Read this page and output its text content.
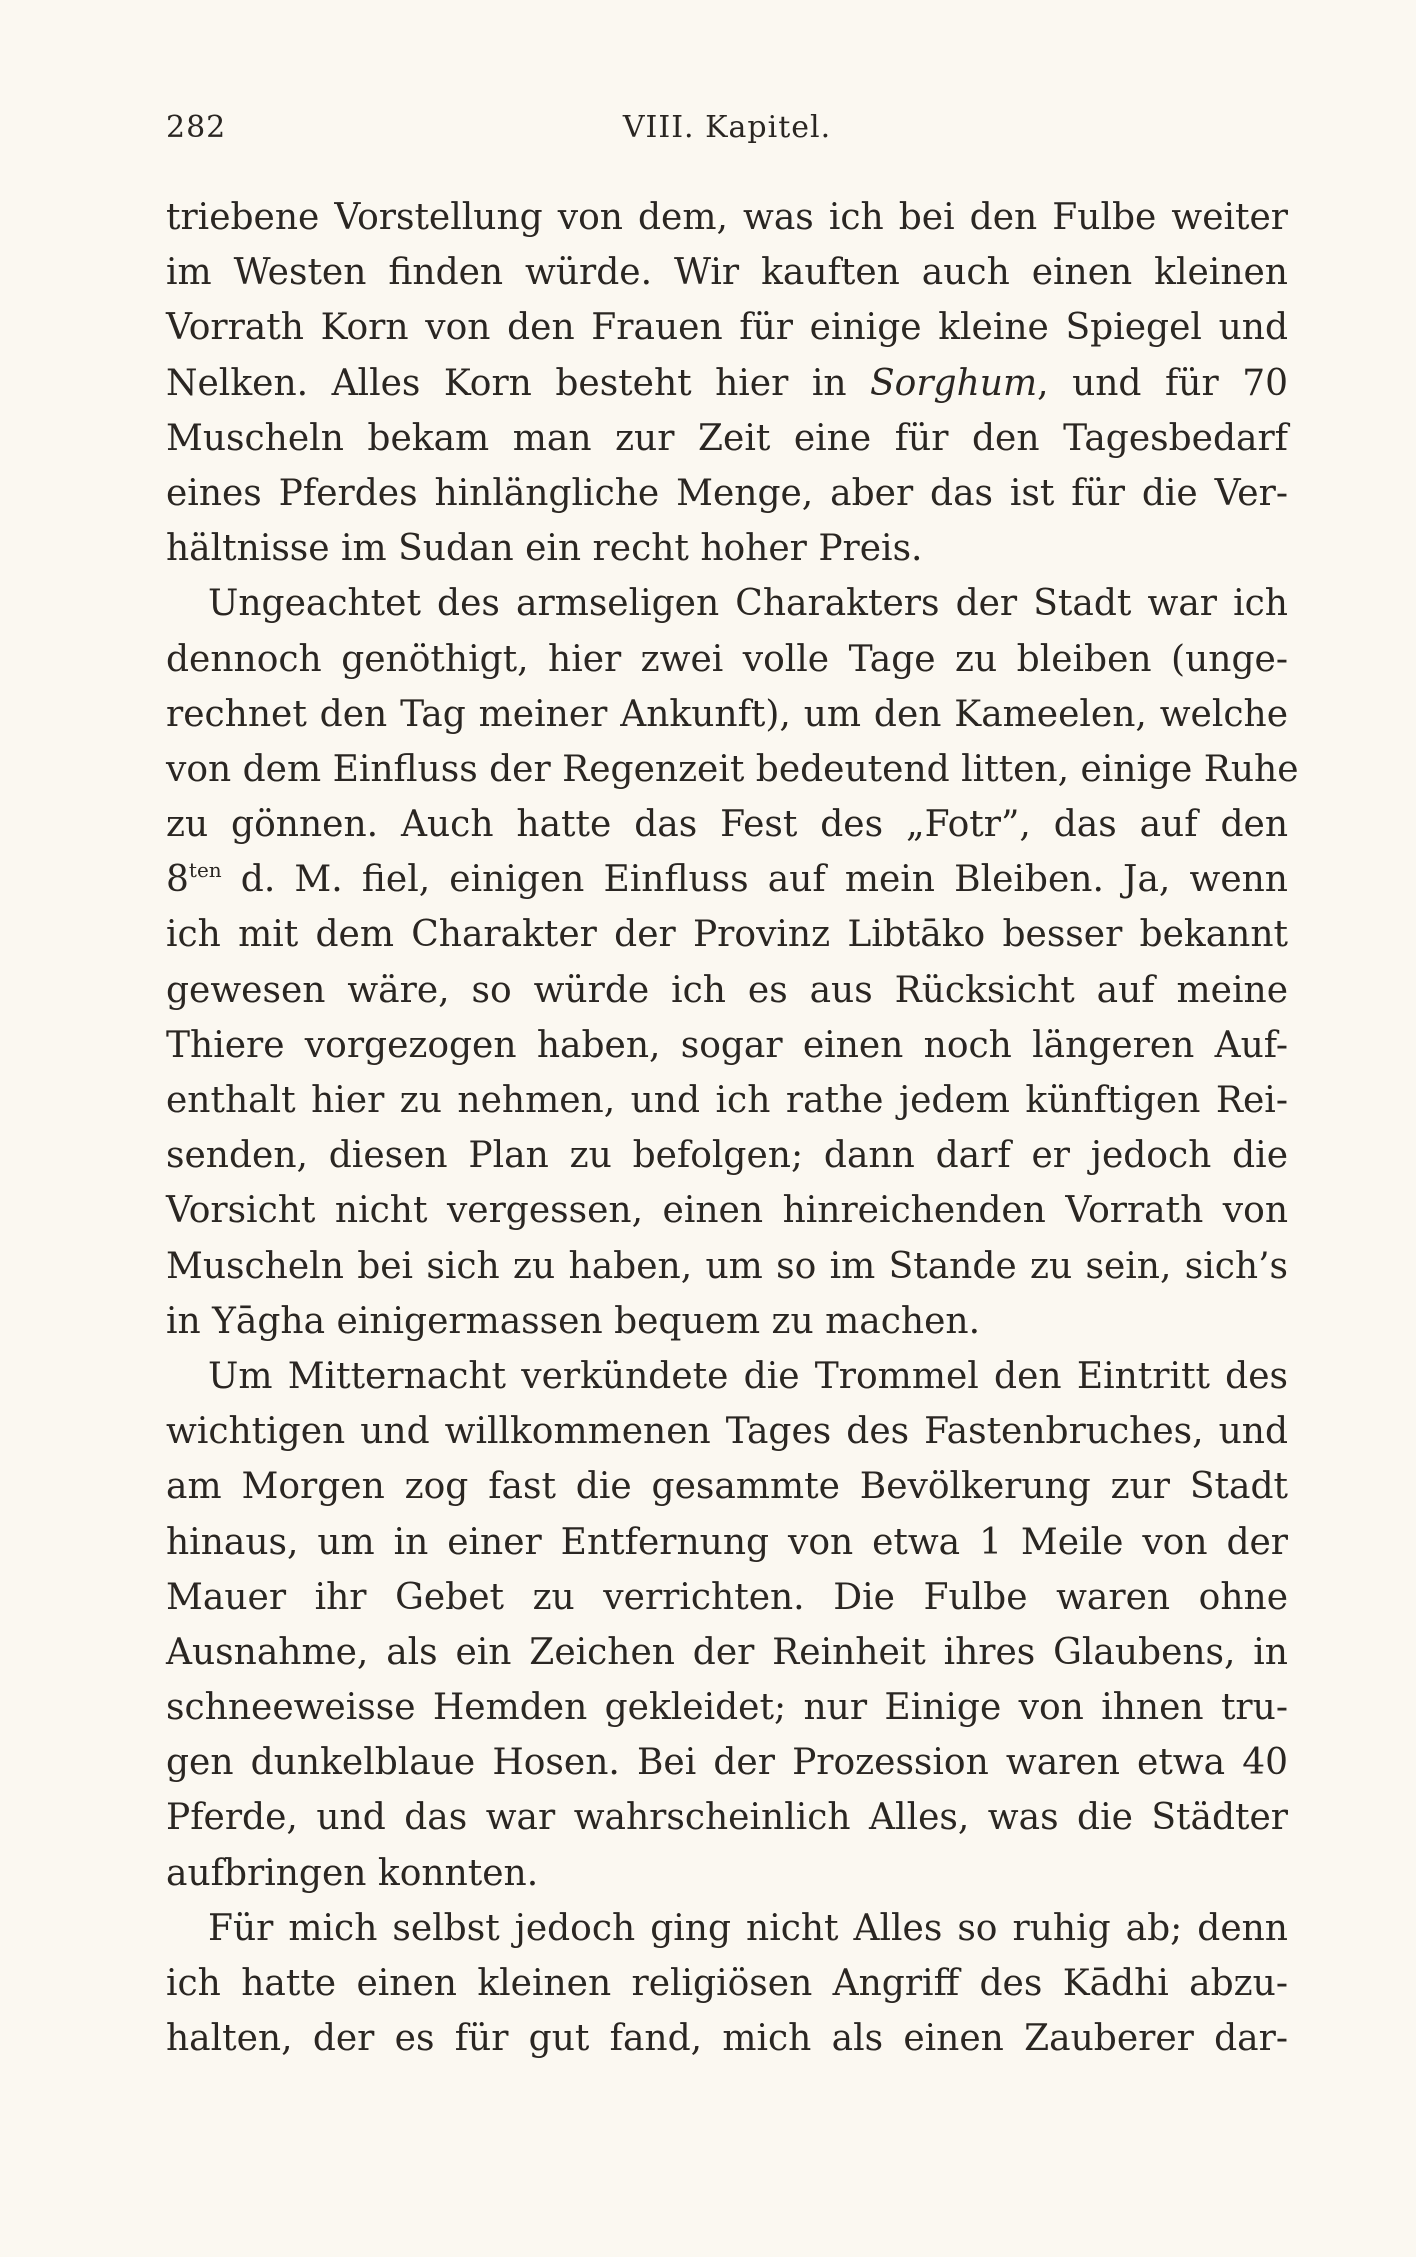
282	VIII. Kapitel.
triebene Vorstellung von dem, was ich bei den Fulbe weiter
im Westen finden würde. Wir kauften auch einen kleinen
Vorrath Korn von den Frauen für einige kleine Spiegel und
Nelken. Alles Korn besteht hier in Sorghum, und für 70
Muscheln bekam man zur Zeit eine für den Tagesbedarf
eines Pferdes hinlängliche Menge, aber das ist für die Ver-
hältnisse im Sudan ein recht hoher Preis.
Ungeachtet des armseligen Charakters der Stadt war ich
dennoch genöthigt, hier zwei volle Tage zu bleiben (unge-
rechnet den Tag meiner Ankunft), um den Kameelen, welche
von dem Einfluss der Regenzeit bedeutend litten, einige Ruhe
zu gönnen. Auch hatte das Fest des „Fotr”, das auf den
$8^{ten}$ d. M. fiel, einigen Einfluss auf mein Bleiben. Ja, wenn
ich mit dem Charakter der Provinz Libtāko besser bekannt
gewesen wäre, so würde ich es aus Rücksicht auf meine
Thiere vorgezogen haben, sogar einen noch längeren Auf-
enthalt hier zu nehmen, und ich rathe jedem künftigen Rei-
senden, diesen Plan zu befolgen; dann darf er jedoch die
Vorsicht nicht vergessen, einen hinreichenden Vorrath von
Muscheln bei sich zu haben, um so im Stande zu sein, sich’s
in Yāgha einigermassen bequem zu machen.
Um Mitternacht verkündete die Trommel den Eintritt des
wichtigen und willkommenen Tages des Fastenbruches, und
am Morgen zog fast die gesammte Bevölkerung zur Stadt
hinaus, um in einer Entfernung von etwa 1 Meile von der
Mauer ihr Gebet zu verrichten. Die Fulbe waren ohne
Ausnahme, als ein Zeichen der Reinheit ihres Glaubens, in
schneeweisse Hemden gekleidet; nur Einige von ihnen tru-
gen dunkelblaue Hosen. Bei der Prozession waren etwa 40
Pferde, und das war wahrscheinlich Alles, was die Städter
aufbringen konnten.
Für mich selbst jedoch ging nicht Alles so ruhig ab; denn
ich hatte einen kleinen religiösen Angriff des Kādhi abzu-
halten, der es für gut fand, mich als einen Zauberer dar-
